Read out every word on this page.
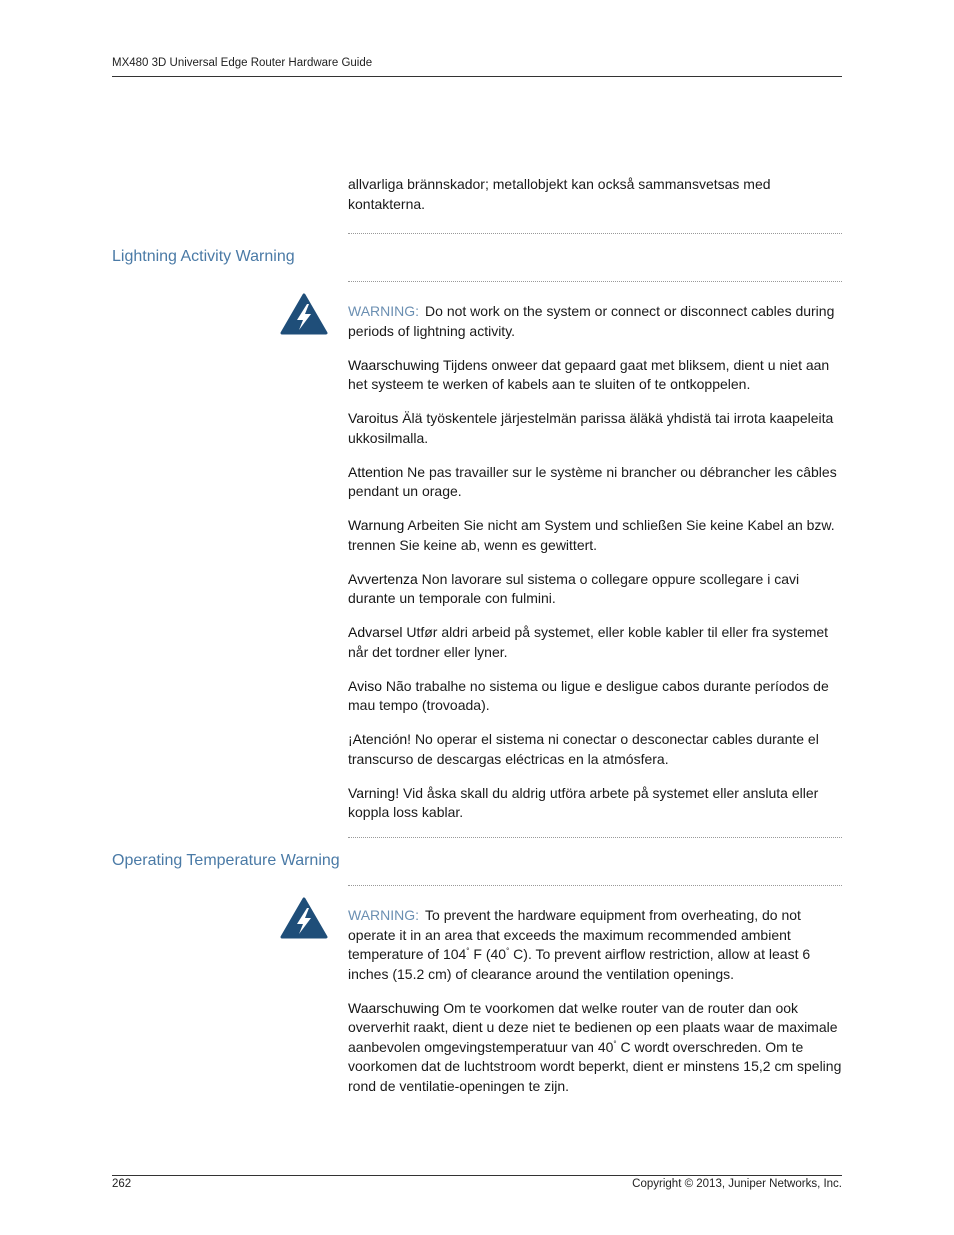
MX480 3D Universal Edge Router Hardware Guide

allvarliga brännskador; metallobjekt kan också sammansvetsas med kontakterna.

Lightning Activity Warning

WARNING: Do not work on the system or connect or disconnect cables during periods of lightning activity.

Waarschuwing Tijdens onweer dat gepaard gaat met bliksem, dient u niet aan het systeem te werken of kabels aan te sluiten of te ontkoppelen.

Varoitus Älä työskentele järjestelmän parissa äläkä yhdistä tai irrota kaapeleita ukkosilmalla.

Attention Ne pas travailler sur le système ni brancher ou débrancher les câbles pendant un orage.

Warnung Arbeiten Sie nicht am System und schließen Sie keine Kabel an bzw. trennen Sie keine ab, wenn es gewittert.

Avvertenza Non lavorare sul sistema o collegare oppure scollegare i cavi durante un temporale con fulmini.

Advarsel Utfør aldri arbeid på systemet, eller koble kabler til eller fra systemet når det tordner eller lyner.

Aviso Não trabalhe no sistema ou ligue e desligue cabos durante períodos de mau tempo (trovoada).

¡Atención! No operar el sistema ni conectar o desconectar cables durante el transcurso de descargas eléctricas en la atmósfera.

Varning! Vid åska skall du aldrig utföra arbete på systemet eller ansluta eller koppla loss kablar.

Operating Temperature Warning

WARNING: To prevent the hardware equipment from overheating, do not operate it in an area that exceeds the maximum recommended ambient temperature of 104° F (40° C). To prevent airflow restriction, allow at least 6 inches (15.2 cm) of clearance around the ventilation openings.

Waarschuwing Om te voorkomen dat welke router van de router dan ook oververhit raakt, dient u deze niet te bedienen op een plaats waar de maximale aanbevolen omgevingstemperatuur van 40° C wordt overschreden. Om te voorkomen dat de luchtstroom wordt beperkt, dient er minstens 15,2 cm speling rond de ventilatie-openingen te zijn.

262	Copyright © 2013, Juniper Networks, Inc.
